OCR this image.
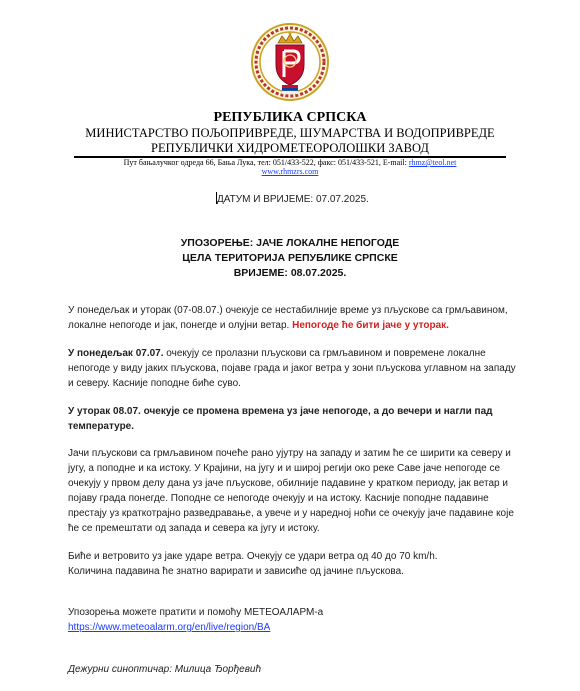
РЕПУБЛИКА СРПСКА
МИНИСТАРСТВО ПОЉОПРИВРЕДЕ, ШУМАРСТВА И ВОДОПРИВРЕДЕ
РЕПУБЛИЧКИ ХИДРОМЕТЕОРОЛОШКИ ЗАВОД
Пут бањалучког одреда 66, Бања Лука, тел: 051/433-522, факс: 051/433-521, E-mail: rhmz@teol.net
www.rhmzrs.com
ДАТУМ И ВРИЈЕМЕ: 07.07.2025.
УПОЗОРЕЊЕ: ЈАЧЕ ЛОКАЛНЕ НЕПОГОДЕ
ЦЕЛА ТЕРИТОРИЈА РЕПУБЛИКЕ СРПСКЕ
ВРИЈЕМЕ: 08.07.2025.
У понедељак и уторак (07-08.07.) очекује се нестабилније време уз пљускове са грмљавином, локалне непогоде и јак, понегде и олујни ветар. Непогоде ће бити јаче у уторак.
У понедељак 07.07. очекују се пролазни пљускови са грмљавином и повремене локалне непогоде у виду јаких пљускова, појаве града и јаког ветра у зони пљускова углавном на западу и северу. Касније поподне биће суво.
У уторак 08.07. очекује се промена времена уз јаче непогоде, а до вечери и нагли пад температуре.
Јачи пљускови са грмљавином почеће рано ујутру на западу и затим ће се ширити ка северу и југу, а поподне и ка истоку. У Крајини, на југу и и широј регији око реке Саве јаче непогоде се очекују у првом делу дана уз јаче пљускове, обилније падавине у кратком периоду, јак ветар и појаву града понегде. Поподне се непогоде очекују и на истоку. Касније поподне падавине престају уз краткотрајно разведравање, а увече и у наредној ноћи се очекују јаче падавине које ће се премештати од запада и севера ка југу и истоку.
Биће и ветровито уз јаке ударе ветра. Очекују се удари ветра од 40 до 70 km/h.
Количина падавина ће знатно варирати и зависиће од јачине пљускова.
Упозорења можете пратити и помоћу МЕТЕОАЛАРМ-а
https://www.meteoalarm.org/en/live/region/BA
Дежурни синоптичар: Милица Ђорђевић
